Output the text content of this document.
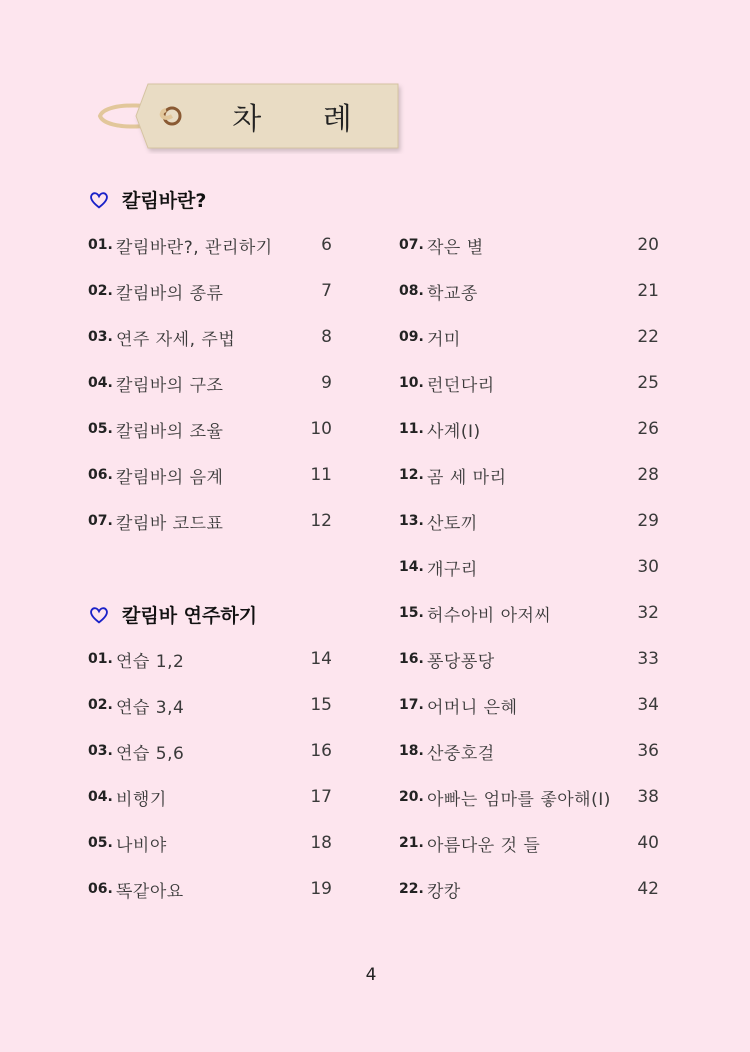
차 례
칼림바란?
01. 칼림바란?, 관리하기	6
02. 칼림바의 종류	7
03. 연주 자세, 주법	8
04. 칼림바의 구조	9
05. 칼림바의 조율	10
06. 칼림바의 음계	11
07. 칼림바 코드표	12
칼림바 연주하기
01. 연습 1,2	14
02. 연습 3,4	15
03. 연습 5,6	16
04. 비행기	17
05. 나비야	18
06. 똑같아요	19
07. 작은 별	20
08. 학교종	21
09. 거미	22
10. 런던다리	25
11. 사계(Ⅰ)	26
12. 곰 세 마리	28
13. 산토끼	29
14. 개구리	30
15. 허수아비 아저씨	32
16. 퐁당퐁당	33
17. 어머니 은혜	34
18. 산중호걸	36
20. 아빠는 엄마를 좋아해(Ⅰ)	38
21. 아름다운 것 들	40
22. 캉캉	42
4
